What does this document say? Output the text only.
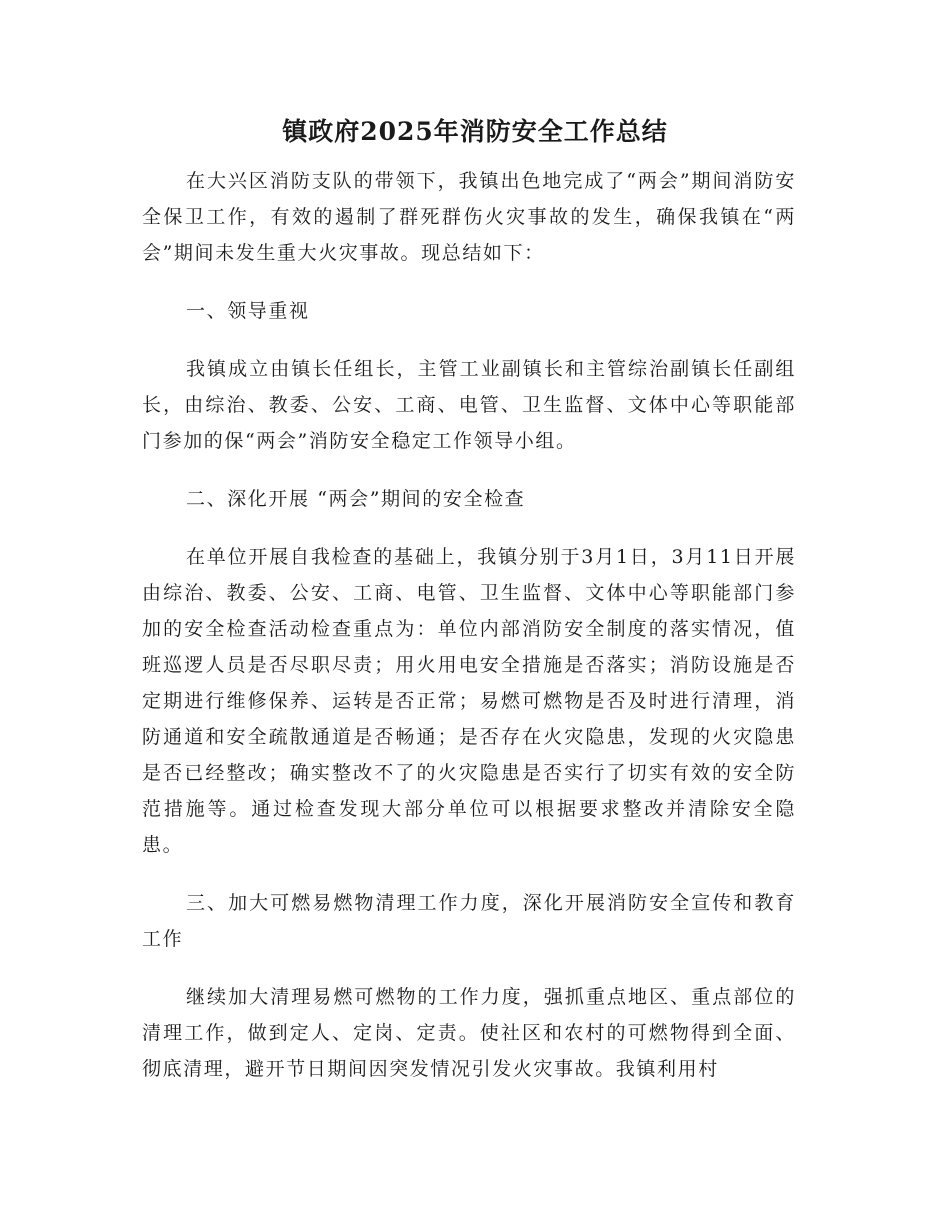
镇政府2025年消防安全工作总结

在大兴区消防支队的带领下，我镇出色地完成了“两会”期间消防安全保卫工作，有效的遏制了群死群伤火灾事故的发生，确保我镇在“两会”期间未发生重大火灾事故。现总结如下：

一、领导重视

我镇成立由镇长任组长，主管工业副镇长和主管综治副镇长任副组长，由综治、教委、公安、工商、电管、卫生监督、文体中心等职能部门参加的保“两会”消防安全稳定工作领导小组。

二、深化开展 “两会”期间的安全检查

在单位开展自我检查的基础上，我镇分别于3月1日，3月11日开展由综治、教委、公安、工商、电管、卫生监督、文体中心等职能部门参加的安全检查活动检查重点为：单位内部消防安全制度的落实情况，值班巡逻人员是否尽职尽责；用火用电安全措施是否落实；消防设施是否定期进行维修保养、运转是否正常；易燃可燃物是否及时进行清理，消防通道和安全疏散通道是否畅通；是否存在火灾隐患，发现的火灾隐患是否已经整改；确实整改不了的火灾隐患是否实行了切实有效的安全防范措施等。通过检查发现大部分单位可以根据要求整改并清除安全隐患。

三、加大可燃易燃物清理工作力度，深化开展消防安全宣传和教育工作

继续加大清理易燃可燃物的工作力度，强抓重点地区、重点部位的清理工作，做到定人、定岗、定责。使社区和农村的可燃物得到全面、彻底清理，避开节日期间因突发情况引发火灾事故。我镇利用村
